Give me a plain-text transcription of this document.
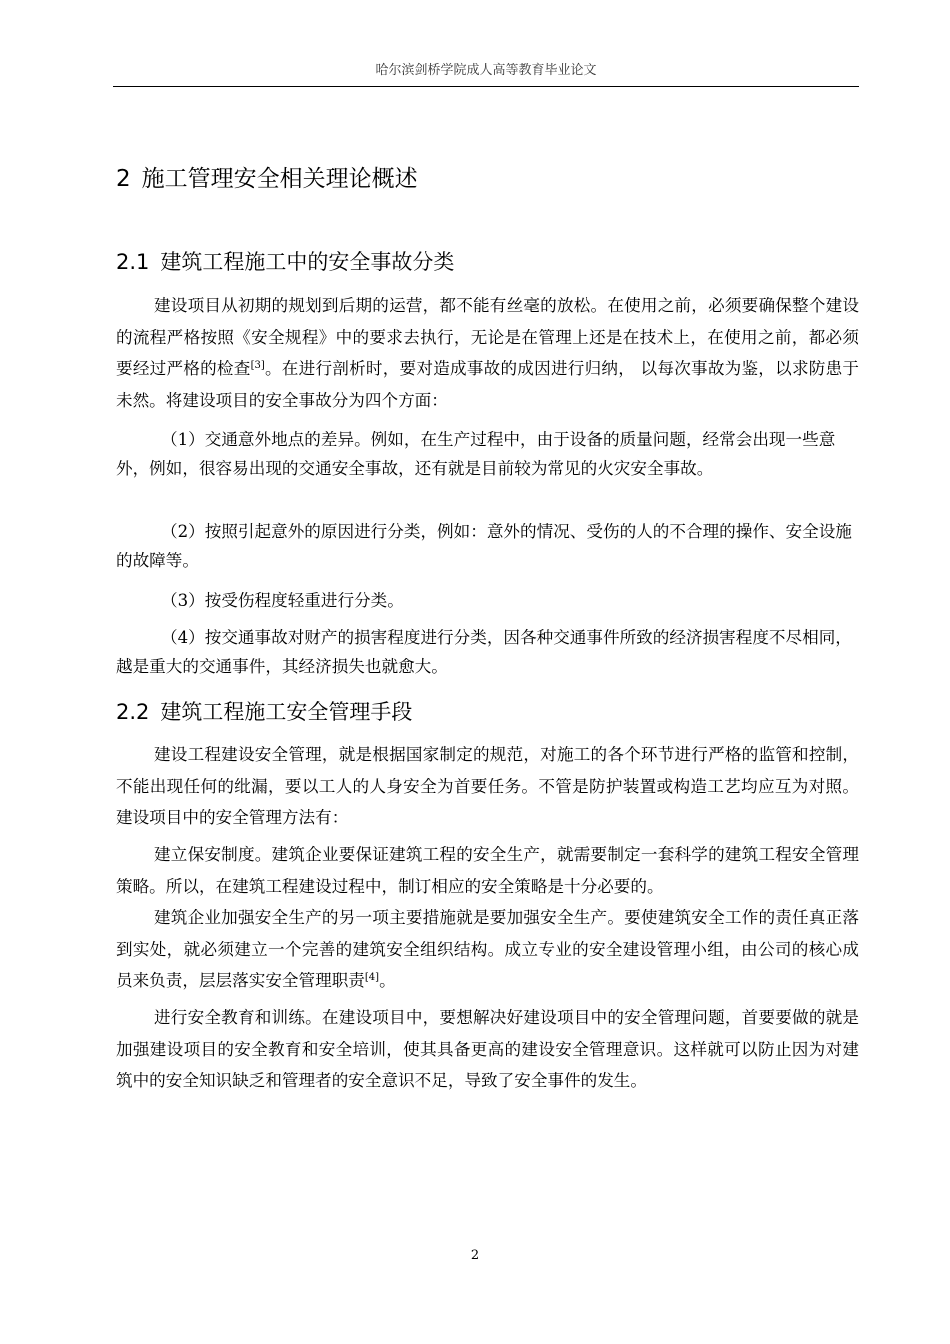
哈尔滨剑桥学院成人高等教育毕业论文
2 施工管理安全相关理论概述
2.1 建筑工程施工中的安全事故分类

建设项目从初期的规划到后期的运营，都不能有丝毫的放松。在使用之前，必须要确保整个建设的流程严格按照《安全规程》中的要求去执行，无论是在管理上还是在技术上，在使用之前，都必须要经过严格的检查[3]。在进行剖析时，要对造成事故的成因进行归纳， 以每次事故为鉴，以求防患于未然。将建设项目的安全事故分为四个方面：

（1）交通意外地点的差异。例如，在生产过程中，由于设备的质量问题，经常会出现一些意外，例如，很容易出现的交通安全事故，还有就是目前较为常见的火灾安全事故。

（2）按照引起意外的原因进行分类，例如：意外的情况、受伤的人的不合理的操作、安全设施的故障等。

（3）按受伤程度轻重进行分类。

（4）按交通事故对财产的损害程度进行分类，因各种交通事件所致的经济损害程度不尽相同，越是重大的交通事件，其经济损失也就愈大。

2.2 建筑工程施工安全管理手段

建设工程建设安全管理，就是根据国家制定的规范，对施工的各个环节进行严格的监管和控制，不能出现任何的纰漏，要以工人的人身安全为首要任务。不管是防护装置或构造工艺均应互为对照。建设项目中的安全管理方法有：

建立保安制度。建筑企业要保证建筑工程的安全生产，就需要制定一套科学的建筑工程安全管理策略。所以，在建筑工程建设过程中，制订相应的安全策略是十分必要的。

建筑企业加强安全生产的另一项主要措施就是要加强安全生产。要使建筑安全工作的责任真正落到实处，就必须建立一个完善的建筑安全组织结构。成立专业的安全建设管理小组，由公司的核心成员来负责，层层落实安全管理职责[4]。

进行安全教育和训练。在建设项目中，要想解决好建设项目中的安全管理问题，首要要做的就是加强建设项目的安全教育和安全培训，使其具备更高的建设安全管理意识。这样就可以防止因为对建筑中的安全知识缺乏和管理者的安全意识不足，导致了安全事件的发生。

2
